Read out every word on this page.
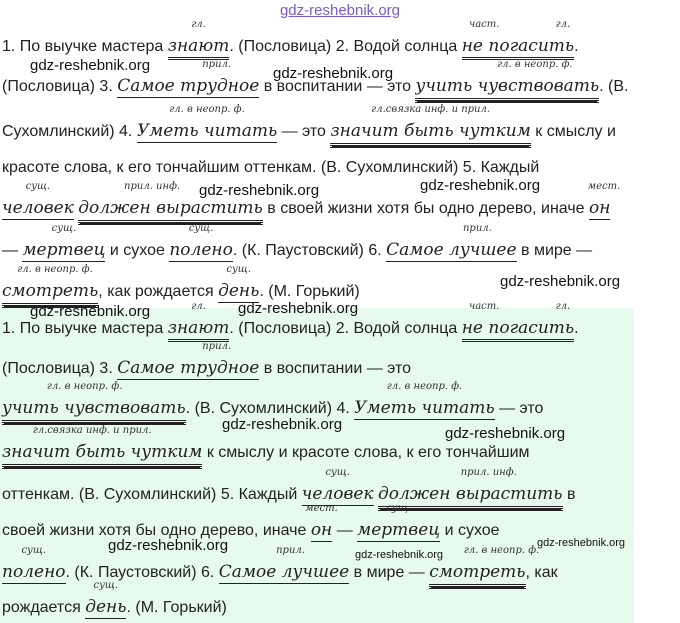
gdz-reshebnik.org
1. По выучке мастера
гл.
знают. (Пословица) 2. Водой солнца
част.	гл.
не погасить.
(Пословица) 3.
прил.
Самое трудное в воспитании — это
гл. в неопр. ф.
учить чувствовать. (В.
Сухомлинский) 4.
гл. в неопр. ф.
Уметь читать — это
гл.связка инф. и прил.
значит быть чутким к смыслу и
красоте слова, к его тончайшим оттенкам. (В. Сухомлинский) 5. Каждый
сущ.
человек
прил. инф.
должен вырастить в своей жизни хотя бы одно дерево, иначе
мест.
он
—
сущ.
мертвец и сухое
сущ.
полено. (К. Паустовский) 6.
прил.
Самое лучшее в мире —
гл. в неопр. ф.
смотреть, как рождается
сущ.
день. (М. Горький)
gdz-reshebnik.org	gdz-reshebnik.org
gdz-reshebnik.org	gdz-reshebnik.org
gdz-reshebnik.org
gdz-reshebnik.org	gdz-reshebnik.org
1. По выучке мастера
гл.
знают. (Пословица) 2. Водой солнца
част.	гл.
не погасить.
(Пословица) 3.
прил.
Самое трудное в воспитании — это
гл. в неопр. ф.
учить чувствовать. (В. Сухомлинский) 4.
гл. в неопр. ф.
Уметь читать — это
гл.связка инф. и прил.
значит быть чутким к смыслу и красоте слова, к его тончайшим
оттенкам. (В. Сухомлинский) 5. Каждый
сущ.
человек
прил. инф.
должен вырастить в
своей жизни хотя бы одно дерево, иначе
мест.
он —
сущ.
мертвец и сухое
сущ.
полено. (К. Паустовский) 6.
прил.
Самое лучшее в мире —
гл. в неопр. ф.
смотреть, как
рождается
сущ.
день. (М. Горький)
gdz-reshebnik.org
gdz-reshebnik.org
gdz-reshebnik.org
gdz-reshebnik.org
gdz-reshebnik.org
